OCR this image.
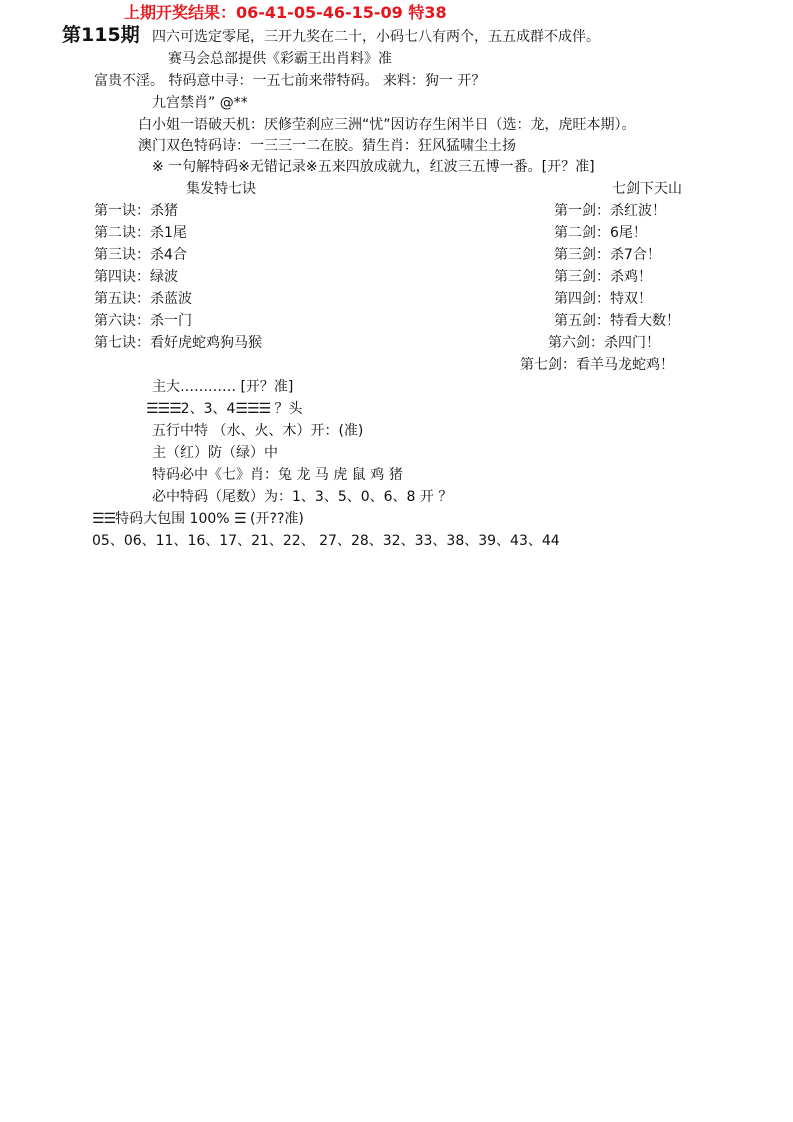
上期开奖结果：06-41-05-46-15-09 特38
第115期 四六可选定零尾，三开九奖在二十，小码七八有两个，五五成群不成伴。
赛马会总部提供《彩霸王出肖料》准
富贵不淫。 特码意中寻：一五七前来带特码。 来料：狗一 开？
九宫禁肖” @**
白小姐一语破天机：厌修茔刹应三洲“忧”因访存生闲半日（选：龙，虎旺本期）。
澳门双色特码诗：一三三一二在胶。猜生肖：狂风猛啸尘土扬
※ 一句解特码※无错记录※五来四放成就九，红波三五博一番。[开？准]
集发特七诀	七剑下天山
第一诀：杀猪
第二诀：杀1尾
第三诀：杀4合
第四诀：绿波
第五诀：杀蓝波
第六诀：杀一门
第七诀：看好虎蛇鸡狗马猴
第一剑：杀红波！
第二剑：6尾！
第三剑：杀7合！
第三剑：杀鸡！
第四剑：特双！
第五剑：特看大数！
第六剑：杀四门！
第七剑：看羊马龙蛇鸡！
主大………… [开？准]
☰☰☰2、3、4☰☰☰ ？头
五行中特 （水、火、木）开：(准)
主（红）防（绿）中
特码必中《七》肖：兔 龙 马 虎 鼠 鸡 猪
必中特码（尾数）为：1、3、5、0、6、8 开 ？
☰☰特码大包围 100% ☰ (开??准)
05、06、11、16、17、21、22、 27、28、32、33、38、39、43、44
